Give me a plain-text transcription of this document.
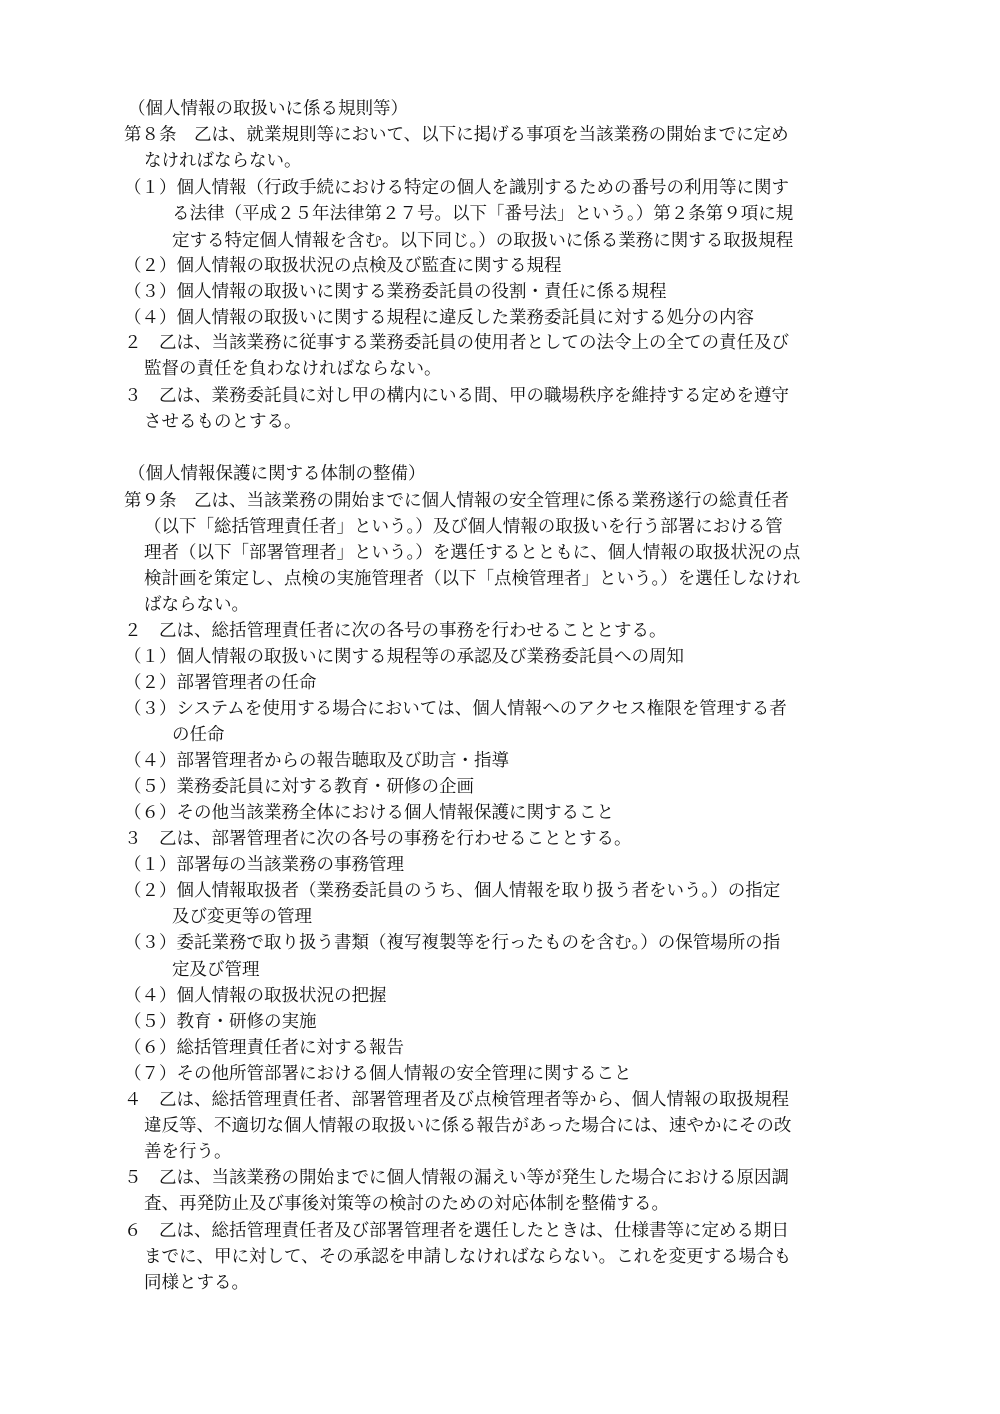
（個人情報の取扱いに係る規則等）
第８条　乙は、就業規則等において、以下に掲げる事項を当該業務の開始までに定め
なければならない。
（１）個人情報（行政手続における特定の個人を識別するための番号の利用等に関す
る法律（平成２５年法律第２７号。以下「番号法」という。）第２条第９項に規
定する特定個人情報を含む。以下同じ。）の取扱いに係る業務に関する取扱規程
（２）個人情報の取扱状況の点検及び監査に関する規程
（３）個人情報の取扱いに関する業務委託員の役割・責任に係る規程
（４）個人情報の取扱いに関する規程に違反した業務委託員に対する処分の内容
２　乙は、当該業務に従事する業務委託員の使用者としての法令上の全ての責任及び
監督の責任を負わなければならない。
３　乙は、業務委託員に対し甲の構内にいる間、甲の職場秩序を維持する定めを遵守
させるものとする。
（個人情報保護に関する体制の整備）
第９条　乙は、当該業務の開始までに個人情報の安全管理に係る業務遂行の総責任者
（以下「総括管理責任者」という。）及び個人情報の取扱いを行う部署における管
理者（以下「部署管理者」という。）を選任するとともに、個人情報の取扱状況の点
検計画を策定し、点検の実施管理者（以下「点検管理者」という。）を選任しなけれ
ばならない。
２　乙は、総括管理責任者に次の各号の事務を行わせることとする。
（１）個人情報の取扱いに関する規程等の承認及び業務委託員への周知
（２）部署管理者の任命
（３）システムを使用する場合においては、個人情報へのアクセス権限を管理する者
の任命
（４）部署管理者からの報告聴取及び助言・指導
（５）業務委託員に対する教育・研修の企画
（６）その他当該業務全体における個人情報保護に関すること
３　乙は、部署管理者に次の各号の事務を行わせることとする。
（１）部署毎の当該業務の事務管理
（２）個人情報取扱者（業務委託員のうち、個人情報を取り扱う者をいう。）の指定
及び変更等の管理
（３）委託業務で取り扱う書類（複写複製等を行ったものを含む。）の保管場所の指
定及び管理
（４）個人情報の取扱状況の把握
（５）教育・研修の実施
（６）総括管理責任者に対する報告
（７）その他所管部署における個人情報の安全管理に関すること
４　乙は、総括管理責任者、部署管理者及び点検管理者等から、個人情報の取扱規程
違反等、不適切な個人情報の取扱いに係る報告があった場合には、速やかにその改
善を行う。
５　乙は、当該業務の開始までに個人情報の漏えい等が発生した場合における原因調
査、再発防止及び事後対策等の検討のための対応体制を整備する。
６　乙は、総括管理責任者及び部署管理者を選任したときは、仕様書等に定める期日
までに、甲に対して、その承認を申請しなければならない。これを変更する場合も
同様とする。
